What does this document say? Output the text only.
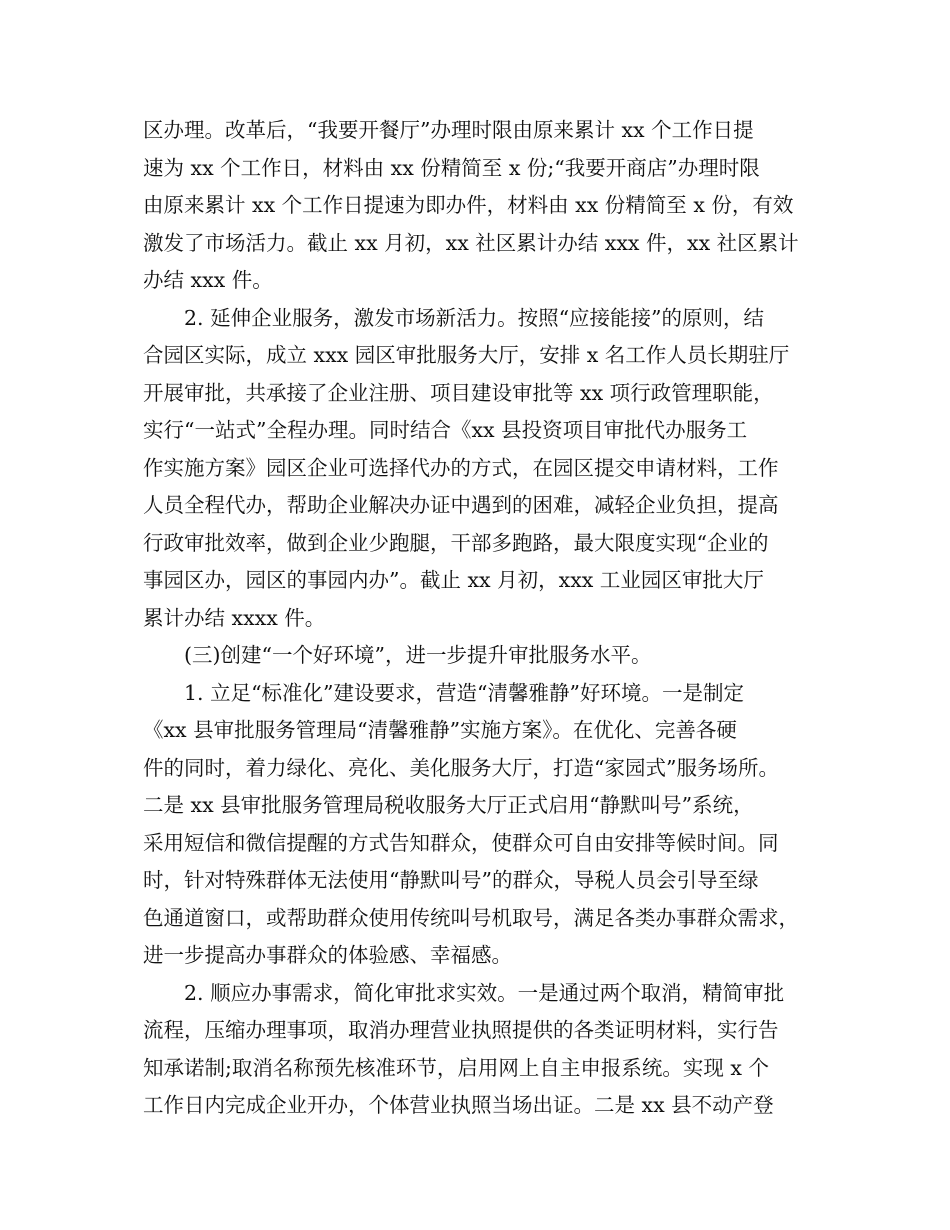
区办理。改革后，“我要开餐厅”办理时限由原来累计 xx 个工作日提
速为 xx 个工作日，材料由 xx 份精简至 x 份;“我要开商店”办理时限
由原来累计 xx 个工作日提速为即办件，材料由 xx 份精简至 x 份，有效
激发了市场活力。截止 xx 月初，xx 社区累计办结 xxx 件，xx 社区累计
办结 xxx 件。
　　2. 延伸企业服务，激发市场新活力。按照“应接能接”的原则，结
合园区实际，成立 xxx 园区审批服务大厅，安排 x 名工作人员长期驻厅
开展审批，共承接了企业注册、项目建设审批等 xx 项行政管理职能，
实行“一站式”全程办理。同时结合《xx 县投资项目审批代办服务工
作实施方案》园区企业可选择代办的方式，在园区提交申请材料，工作
人员全程代办，帮助企业解决办证中遇到的困难，减轻企业负担，提高
行政审批效率，做到企业少跑腿，干部多跑路，最大限度实现“企业的
事园区办，园区的事园内办”。截止 xx 月初，xxx 工业园区审批大厅
累计办结 xxxx 件。
　　(三)创建“一个好环境”，进一步提升审批服务水平。
　　1. 立足“标准化”建设要求，营造“清馨雅静”好环境。一是制定
《xx 县审批服务管理局“清馨雅静”实施方案》。在优化、完善各硬
件的同时，着力绿化、亮化、美化服务大厅，打造“家园式”服务场所。
二是 xx 县审批服务管理局税收服务大厅正式启用“静默叫号”系统，
采用短信和微信提醒的方式告知群众，使群众可自由安排等候时间。同
时，针对特殊群体无法使用“静默叫号”的群众，导税人员会引导至绿
色通道窗口，或帮助群众使用传统叫号机取号，满足各类办事群众需求，
进一步提高办事群众的体验感、幸福感。
　　2. 顺应办事需求，简化审批求实效。一是通过两个取消，精简审批
流程，压缩办理事项，取消办理营业执照提供的各类证明材料，实行告
知承诺制;取消名称预先核准环节，启用网上自主申报系统。实现 x 个
工作日内完成企业开办，个体营业执照当场出证。二是 xx 县不动产登
